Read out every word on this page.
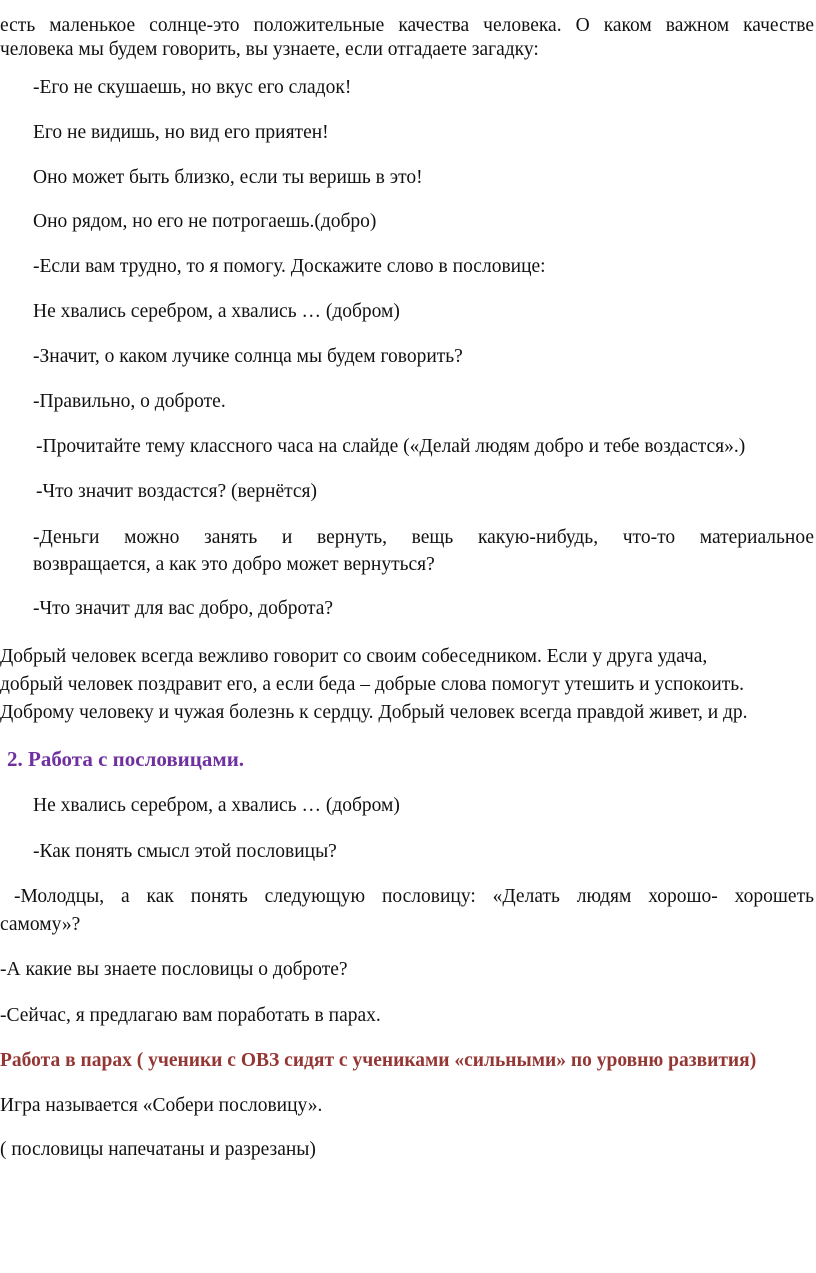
есть маленькое солнце-это положительные качества человека. О каком важном качестве
человека мы будем говорить, вы узнаете, если отгадаете загадку:
-Его не скушаешь, но вкус его сладок!
Его не видишь, но вид его приятен!
Оно может быть близко, если ты веришь в это!
Оно рядом, но его не потрогаешь.(добро)
-Если вам трудно, то я помогу. Доскажите слово в пословице:
Не хвались серебром, а хвались … (добром)
-Значит, о каком лучике солнца мы будем говорить?
-Правильно, о доброте.
-Прочитайте тему классного часа на слайде («Делай людям добро и тебе воздастся».)
-Что значит воздастся? (вернётся)
-Деньги можно занять и вернуть, вещь какую-нибудь, что-то материальное
возвращается, а как это добро может вернуться?
-Что значит для вас добро, доброта?
Добрый человек всегда вежливо говорит со своим собеседником. Если у друга удача,
добрый человек поздравит его, а если беда – добрые слова помогут утешить и успокоить.
Доброму человеку и чужая болезнь к сердцу. Добрый человек всегда правдой живет, и др.
2. Работа с пословицами.
Не хвались серебром, а хвались … (добром)
-Как понять смысл этой пословицы?
-Молодцы, а как понять следующую пословицу: «Делать людям хорошо- хорошеть
самому»?
-А какие вы знаете пословицы о доброте?
-Сейчас, я предлагаю вам поработать в парах.
Работа в парах ( ученики с ОВЗ сидят с учениками «сильными» по уровню развития)
Игра называется «Собери пословицу».
( пословицы напечатаны и разрезаны)
